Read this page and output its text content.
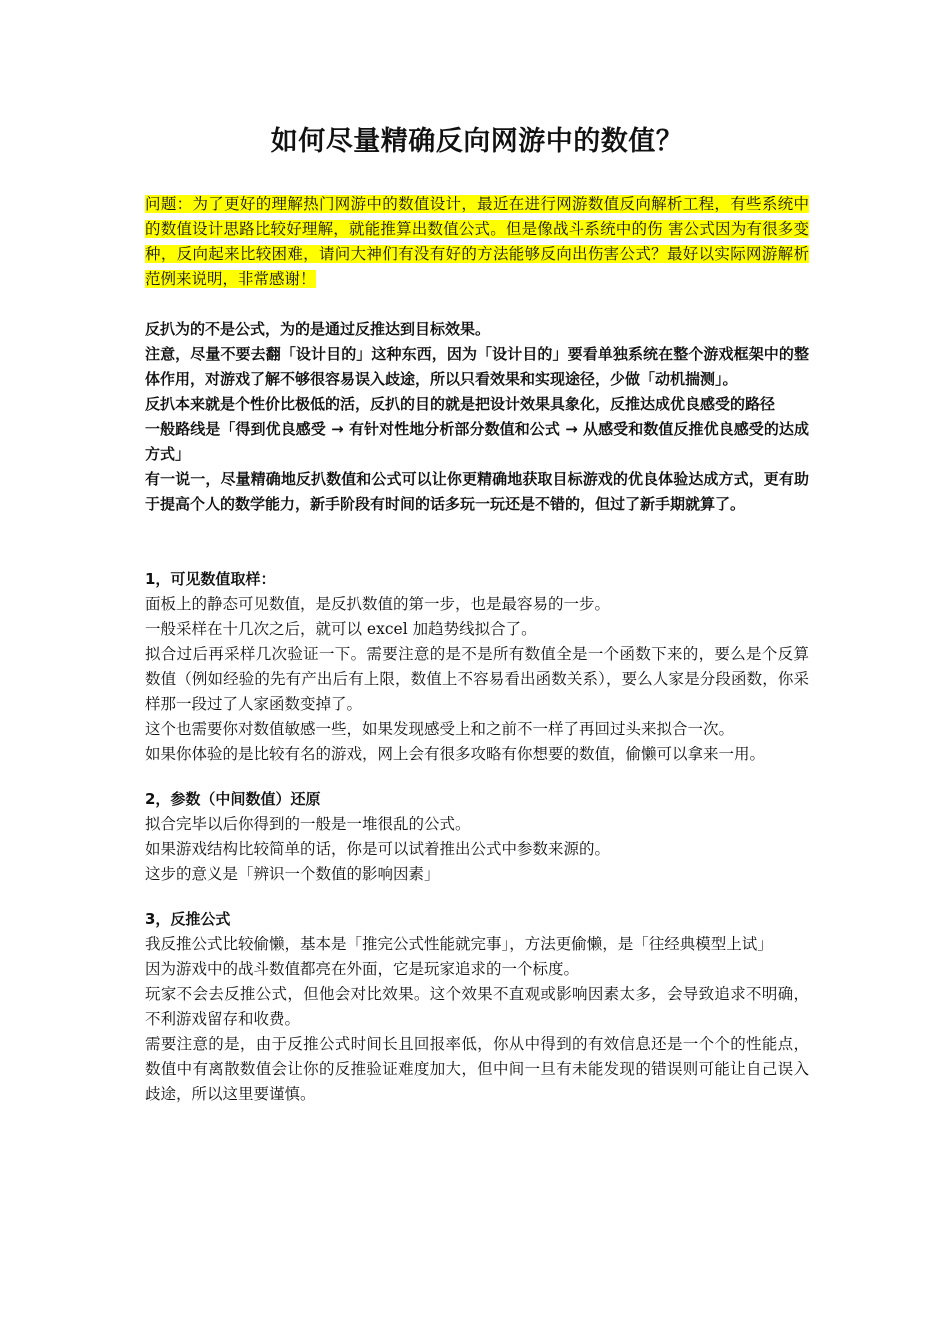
如何尽量精确反向网游中的数值？

问题：为了更好的理解热门网游中的数值设计，最近在进行网游数值反向解析工程，有些系统中的数值设计思路比较好理解，就能推算出数值公式。但是像战斗系统中的伤 害公式因为有很多变种，反向起来比较困难，请问大神们有没有好的方法能够反向出伤害公式？最好以实际网游解析范例来说明，非常感谢！

反扒为的不是公式，为的是通过反推达到目标效果。

注意，尽量不要去翻「设计目的」这种东西，因为「设计目的」要看单独系统在整个游戏框架中的整体作用，对游戏了解不够很容易误入歧途，所以只看效果和实现途径，少做「动机揣测」。

反扒本来就是个性价比极低的活，反扒的目的就是把设计效果具象化，反推达成优良感受的路径

一般路线是「得到优良感受 → 有针对性地分析部分数值和公式 → 从感受和数值反推优良感受的达成方式」

有一说一，尽量精确地反扒数值和公式可以让你更精确地获取目标游戏的优良体验达成方式，更有助于提高个人的数学能力，新手阶段有时间的话多玩一玩还是不错的，但过了新手期就算了。

1，可见数值取样：

面板上的静态可见数值，是反扒数值的第一步，也是最容易的一步。

一般采样在十几次之后，就可以 excel 加趋势线拟合了。

拟合过后再采样几次验证一下。需要注意的是不是所有数值全是一个函数下来的，要么是个反算数值（例如经验的先有产出后有上限，数值上不容易看出函数关系），要么人家是分段函数，你采样那一段过了人家函数变掉了。

这个也需要你对数值敏感一些，如果发现感受上和之前不一样了再回过头来拟合一次。

如果你体验的是比较有名的游戏，网上会有很多攻略有你想要的数值，偷懒可以拿来一用。

2，参数（中间数值）还原

拟合完毕以后你得到的一般是一堆很乱的公式。

如果游戏结构比较简单的话，你是可以试着推出公式中参数来源的。

这步的意义是「辨识一个数值的影响因素」

3，反推公式

我反推公式比较偷懒，基本是「推完公式性能就完事」，方法更偷懒，是「往经典模型上试」

因为游戏中的战斗数值都亮在外面，它是玩家追求的一个标度。

玩家不会去反推公式，但他会对比效果。这个效果不直观或影响因素太多，会导致追求不明确，不利游戏留存和收费。

需要注意的是，由于反推公式时间长且回报率低，你从中得到的有效信息还是一个个的性能点，数值中有离散数值会让你的反推验证难度加大，但中间一旦有未能发现的错误则可能让自己误入歧途，所以这里要谨慎。
